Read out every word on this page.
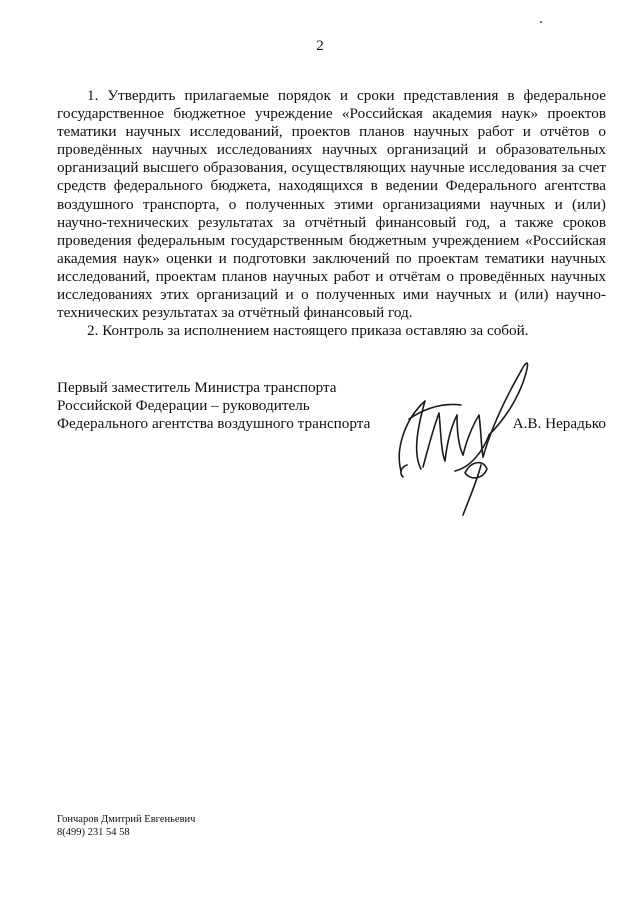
2

1. Утвердить прилагаемые порядок и сроки представления в федеральное государственное бюджетное учреждение «Российская академия наук» проектов тематики научных исследований, проектов планов научных работ и отчётов о проведённых научных исследованиях научных организаций и образовательных организаций высшего образования, осуществляющих научные исследования за счет средств федерального бюджета, находящихся в ведении Федерального агентства воздушного транспорта, о полученных этими организациями научных и (или) научно-технических результатах за отчётный финансовый год, а также сроков проведения федеральным государственным бюджетным учреждением «Российская академия наук» оценки и подготовки заключений по проектам тематики научных исследований, проектам планов научных работ и отчётам о проведённых научных исследованиях этих организаций и о полученных ими научных и (или) научно-технических результатах за отчётный финансовый год.

2. Контроль за исполнением настоящего приказа оставляю за собой.

Первый заместитель Министра транспорта
Российской Федерации – руководитель
Федерального агентства воздушного транспорта	А.В. Нерадько
Гончаров Дмитрий Евгеньевич
8(499) 231 54 58
